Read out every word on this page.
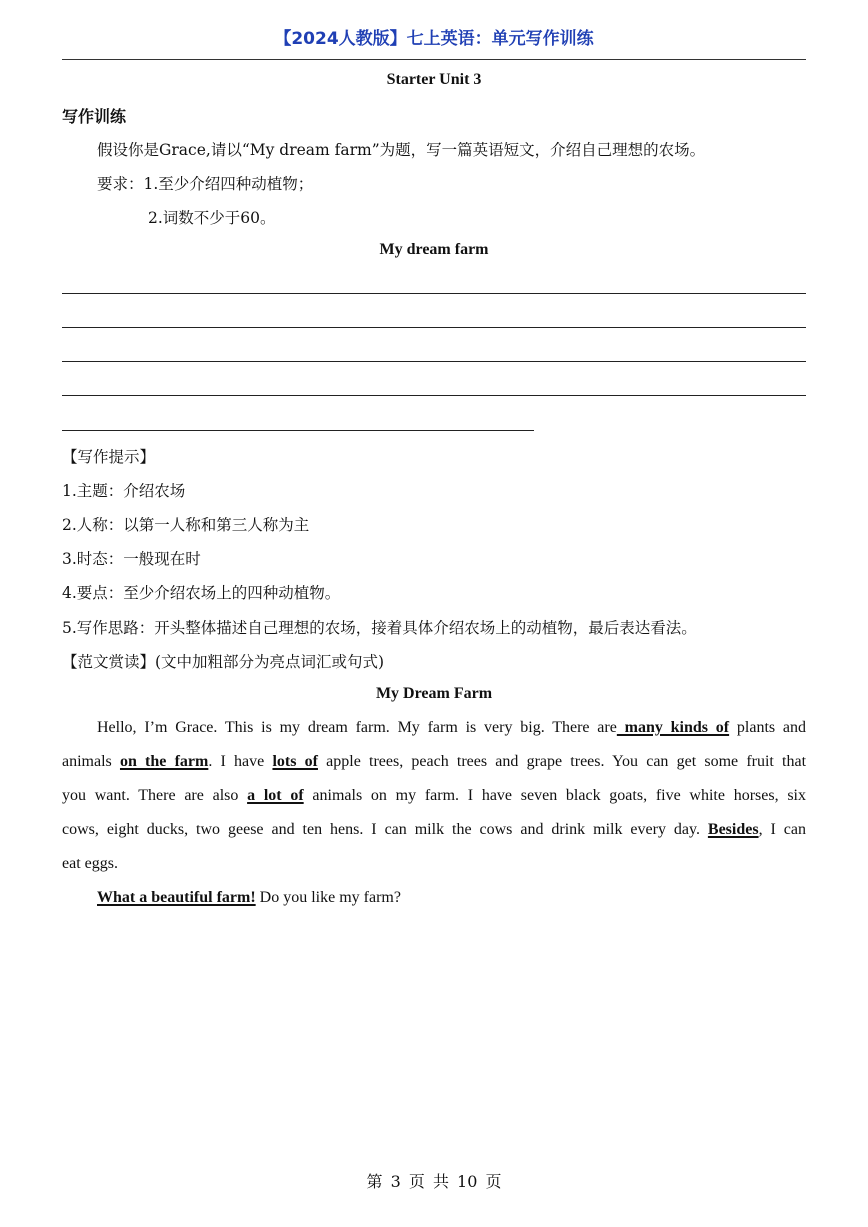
【2024人教版】七上英语：单元写作训练
Starter Unit 3
写作训练
假设你是Grace,请以“My dream farm”为题，写一篇英语短文，介绍自己理想的农场。
要求：1.至少介绍四种动植物；
2.词数不少于60。
My dream farm
【写作提示】
1.主题：介绍农场
2.人称：以第一人称和第三人称为主
3.时态：一般现在时
4.要点：至少介绍农场上的四种动植物。
5.写作思路：开头整体描述自己理想的农场，接着具体介绍农场上的动植物，最后表达看法。
【范文赏读】(文中加粗部分为亮点词汇或句式)
My Dream Farm
Hello, I’m Grace. This is my dream farm. My farm is very big. There are many kinds of plants and
animals on the farm. I have lots of apple trees, peach trees and grape trees. You can get some fruit that
you want. There are also a lot of animals on my farm. I have seven black goats, five white horses, six
cows, eight ducks, two geese and ten hens. I can milk the cows and drink milk every day. Besides, I can
eat eggs.
What a beautiful farm! Do you like my farm?
第 3 页 共 10 页
